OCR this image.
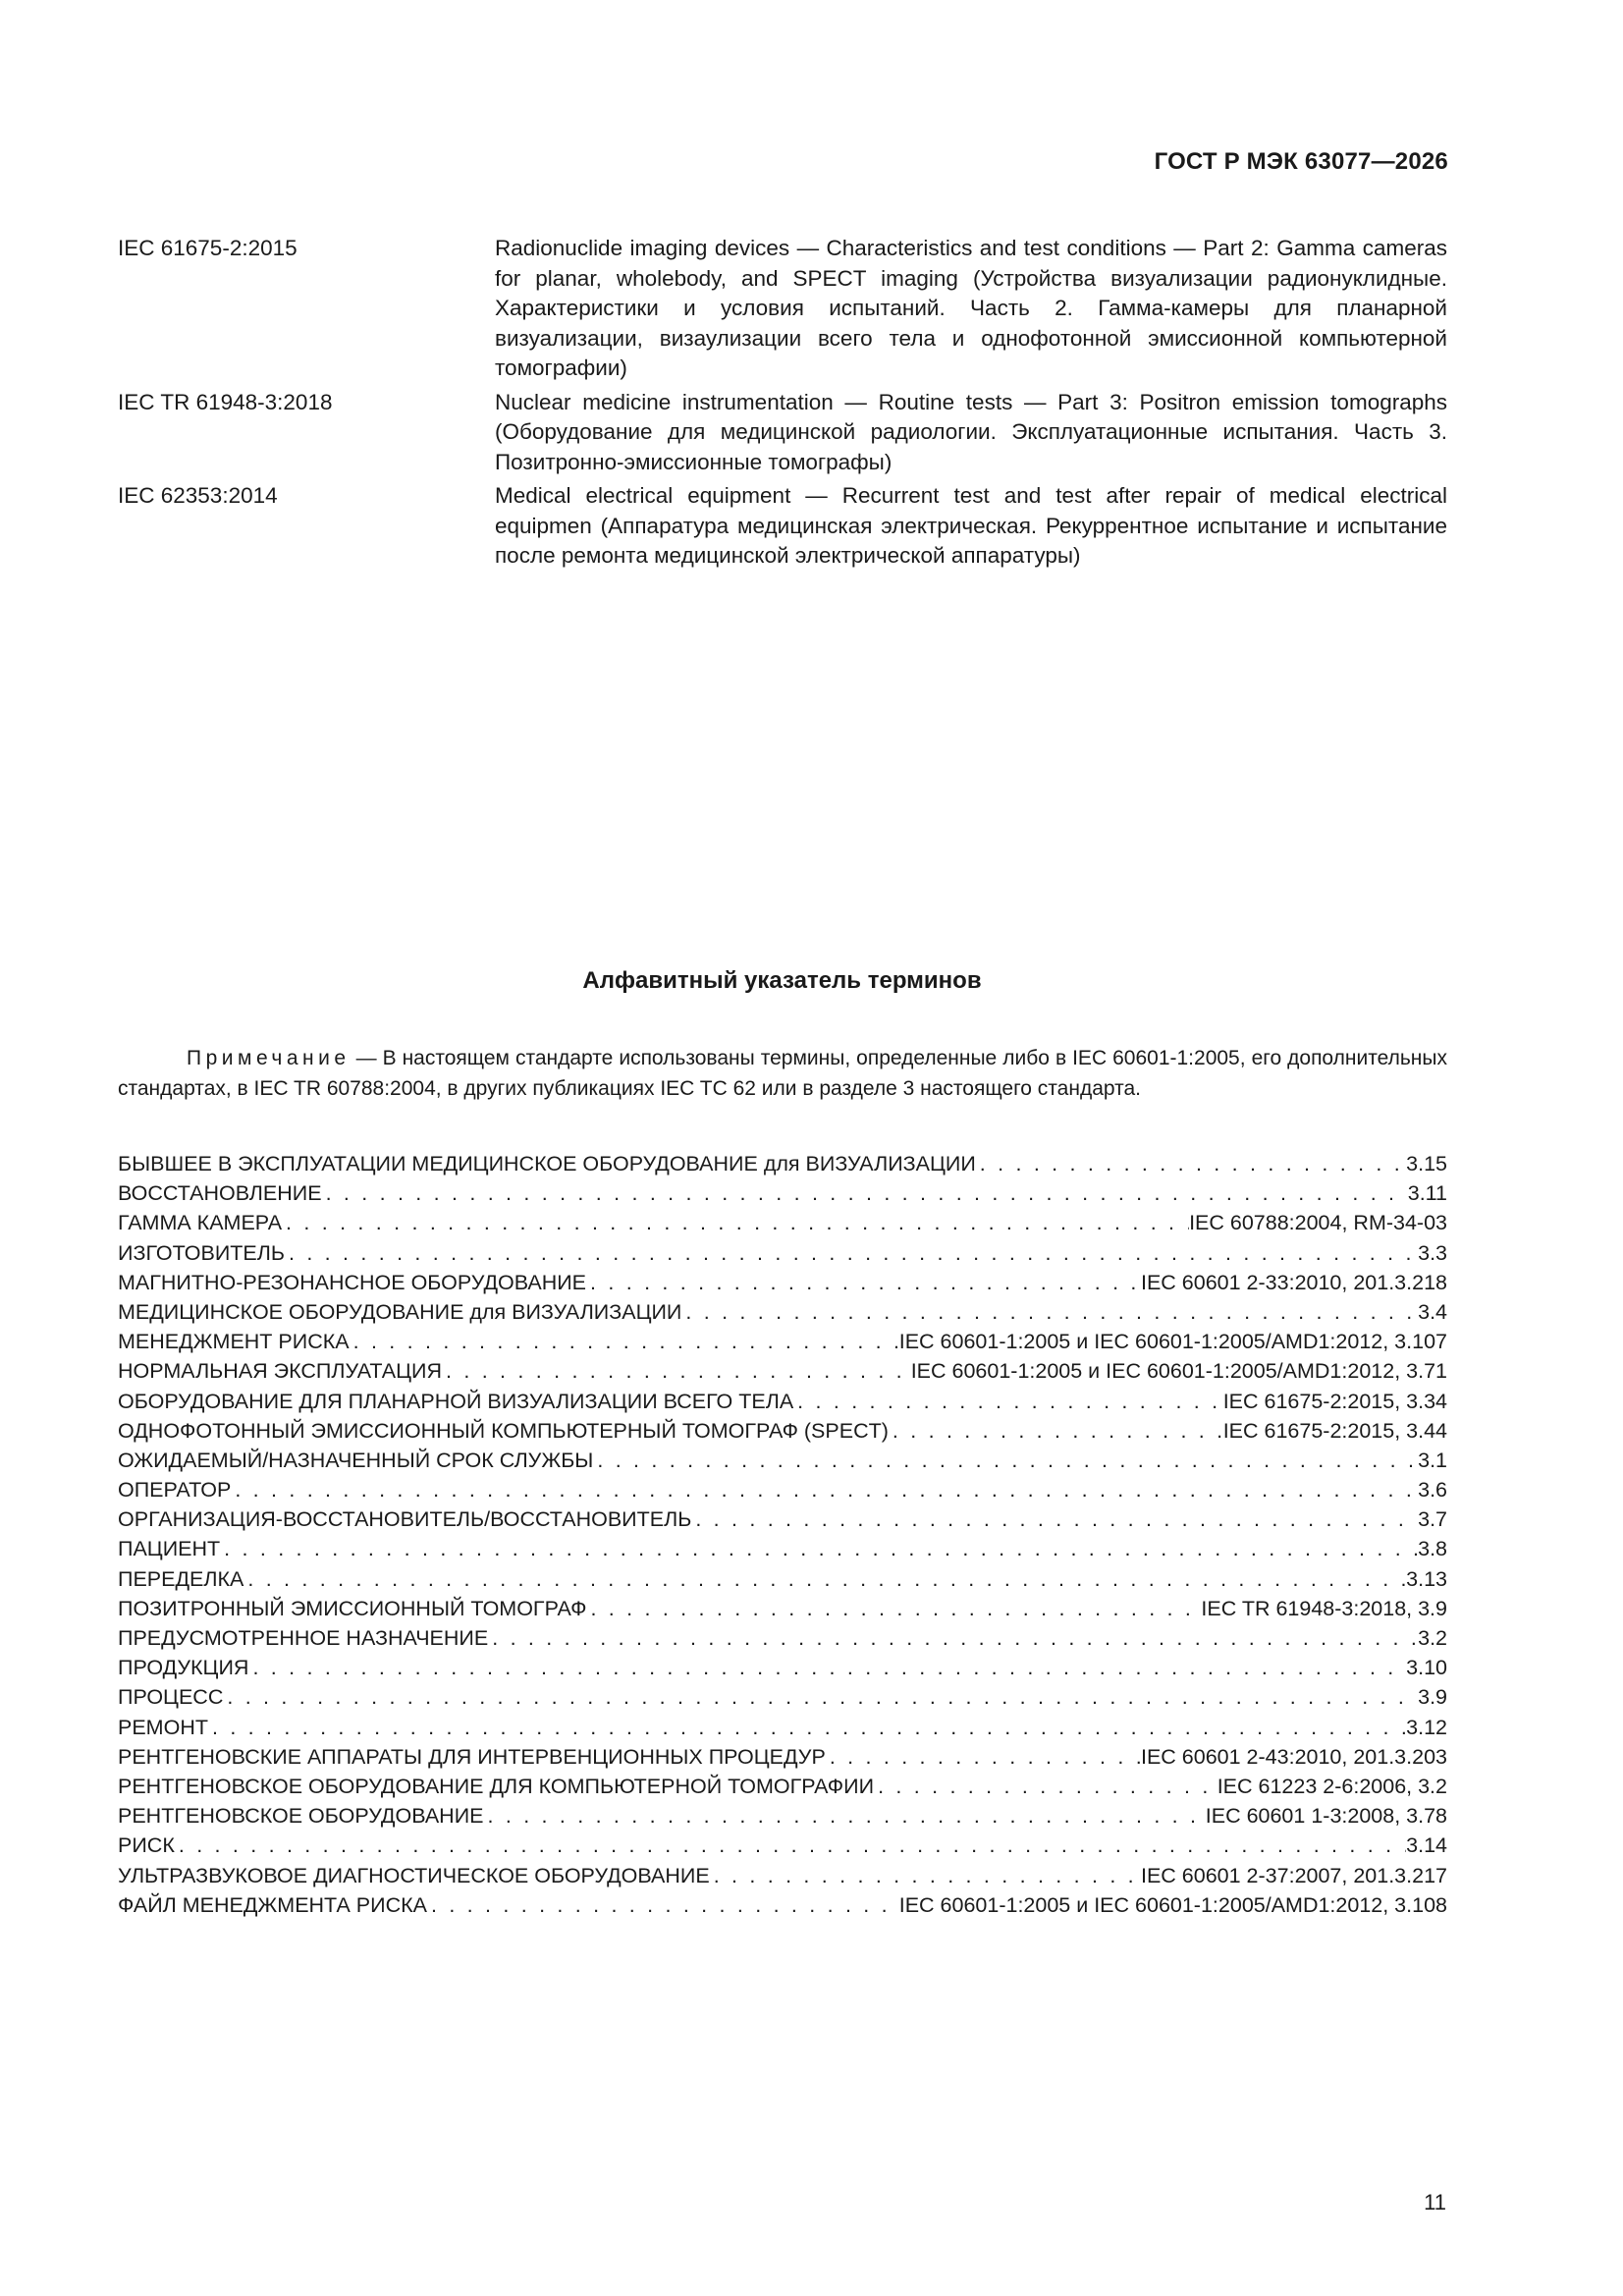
ГОСТ Р МЭК 63077—2026
IEC 61675-2:2015	Radionuclide imaging devices — Characteristics and test conditions — Part 2: Gamma cameras for planar, wholebody, and SPECT imaging (Устройства визуализации радионуклидные. Характеристики и условия испытаний. Часть 2. Гамма-камеры для планарной визуализации, визаулизации всего тела и однофотонной эмиссионной компьютерной томографии)
IEC TR 61948-3:2018	Nuclear medicine instrumentation — Routine tests — Part 3: Positron emission tomographs (Оборудование для медицинской радиологии. Эксплуатационные испытания. Часть 3. Позитронно-эмиссионные томографы)
IEC 62353:2014	Medical electrical equipment — Recurrent test and test after repair of medical electrical equipmen (Аппаратура медицинская электрическая. Рекуррентное испытание и испытание после ремонта медицинской электрической аппаратуры)
Алфавитный указатель терминов
Примечание — В настоящем стандарте использованы термины, определенные либо в IEC 60601-1:2005, его дополнительных стандартах, в IEC TR 60788:2004, в других публикациях IEC TC 62 или в разделе 3 настоящего стандарта.
БЫВШЕЕ В ЭКСПЛУАТАЦИИ МЕДИЦИНСКОЕ ОБОРУДОВАНИЕ для ВИЗУАЛИЗАЦИИ . . .	3.15
ВОССТАНОВЛЕНИЕ . . .	3.11
ГАММА КАМЕРА . . .	IEC 60788:2004, RM-34-03
ИЗГОТОВИТЕЛЬ . . .	3.3
МАГНИТНО-РЕЗОНАНСНОЕ ОБОРУДОВАНИЕ . . .	IEC 60601 2-33:2010, 201.3.218
МЕДИЦИНСКОЕ ОБОРУДОВАНИЕ для ВИЗУАЛИЗАЦИИ . . .	3.4
МЕНЕДЖМЕНТ РИСКА . . .	IEC 60601-1:2005 и IEC 60601-1:2005/AMD1:2012, 3.107
НОРМАЛЬНАЯ ЭКСПЛУАТАЦИЯ . . .	IEC 60601-1:2005 и IEC 60601-1:2005/AMD1:2012, 3.71
ОБОРУДОВАНИЕ ДЛЯ ПЛАНАРНОЙ ВИЗУАЛИЗАЦИИ ВСЕГО ТЕЛА . . .	IEC 61675-2:2015, 3.34
ОДНОФОТОННЫЙ ЭМИССИОННЫЙ КОМПЬЮТЕРНЫЙ ТОМОГРАФ (SPECT) . . .	IEC 61675-2:2015, 3.44
ОЖИДАЕМЫЙ/НАЗНАЧЕННЫЙ СРОК СЛУЖБЫ . . .	3.1
ОПЕРАТОР . . .	3.6
ОРГАНИЗАЦИЯ-ВОССТАНОВИТЕЛЬ/ВОССТАНОВИТЕЛЬ . . .	3.7
ПАЦИЕНТ . . .	3.8
ПЕРЕДЕЛКА . . .	3.13
ПОЗИТРОННЫЙ ЭМИССИОННЫЙ ТОМОГРАФ . . .	IEC TR 61948-3:2018, 3.9
ПРЕДУСМОТРЕННОЕ НАЗНАЧЕНИЕ . . .	3.2
ПРОДУКЦИЯ . . .	3.10
ПРОЦЕСС . . .	3.9
РЕМОНТ . . .	3.12
РЕНТГЕНОВСКИЕ АППАРАТЫ ДЛЯ ИНТЕРВЕНЦИОННЫХ ПРОЦЕДУР . . .	IEC 60601 2-43:2010, 201.3.203
РЕНТГЕНОВСКОЕ ОБОРУДОВАНИЕ ДЛЯ КОМПЬЮТЕРНОЙ ТОМОГРАФИИ . . .	IEC 61223 2-6:2006, 3.2
РЕНТГЕНОВСКОЕ ОБОРУДОВАНИЕ . . .	IEC 60601 1-3:2008, 3.78
РИСК . . .	3.14
УЛЬТРАЗВУКОВОЕ ДИАГНОСТИЧЕСКОЕ ОБОРУДОВАНИЕ . . .	IEC 60601 2-37:2007, 201.3.217
ФАЙЛ МЕНЕДЖМЕНТА РИСКА . . .	IEC 60601-1:2005 и IEC 60601-1:2005/AMD1:2012, 3.108
11
